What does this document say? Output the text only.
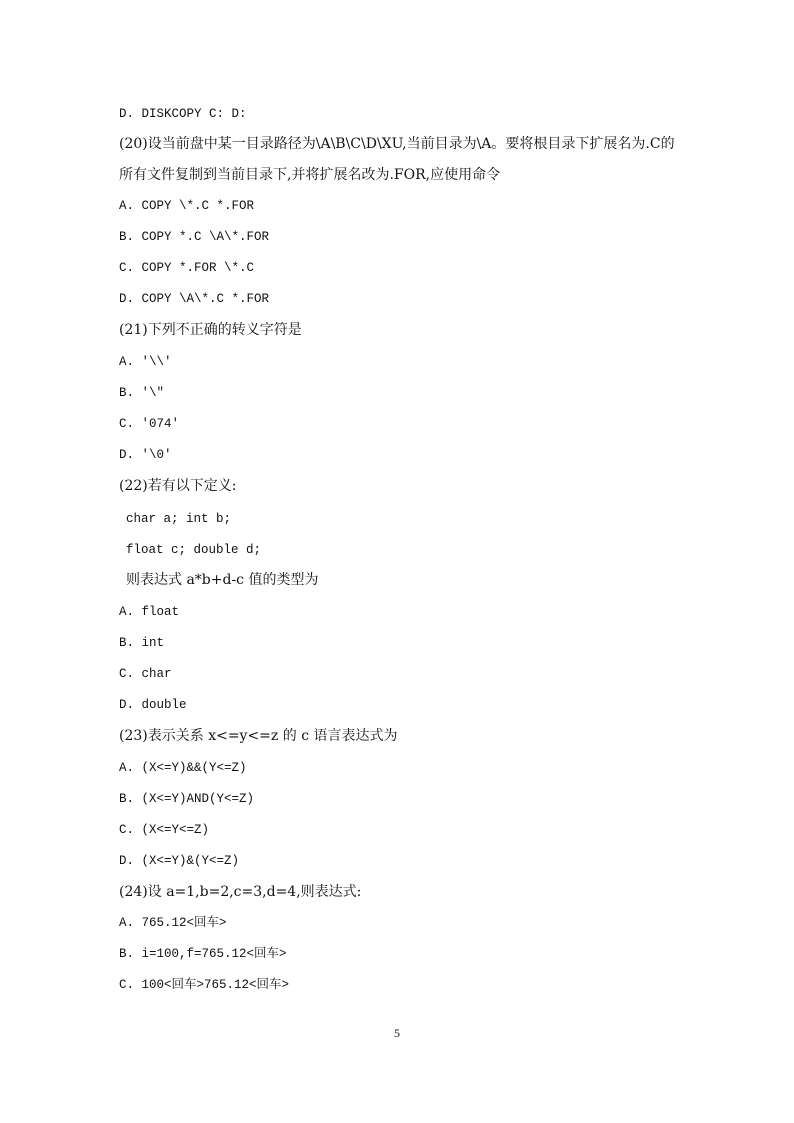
D. DISKCOPY C: D:
(20)设当前盘中某一目录路径为\A\B\C\D\XU,当前目录为\A。要将根目录下扩展名为.C的
所有文件复制到当前目录下,并将扩展名改为.FOR,应使用命令
A. COPY \*.C *.FOR
B. COPY *.C \A\*.FOR
C. COPY *.FOR \*.C
D. COPY \A\*.C *.FOR
(21)下列不正确的转义字符是
A. '\\'
B. '\"
C. '074'
D. '\0'
(22)若有以下定义:
char a; int b;
float c; double d;
则表达式 a*b+d-c 值的类型为
A. float
B. int
C. char
D. double
(23)表示关系 x<=y<=z 的 c 语言表达式为
A. (X<=Y)&&(Y<=Z)
B. (X<=Y)AND(Y<=Z)
C. (X<=Y<=Z)
D. (X<=Y)&(Y<=Z)
(24)设 a=1,b=2,c=3,d=4,则表达式:
A. 765.12<回车>
B. i=100,f=765.12<回车>
C. 100<回车>765.12<回车>
5
